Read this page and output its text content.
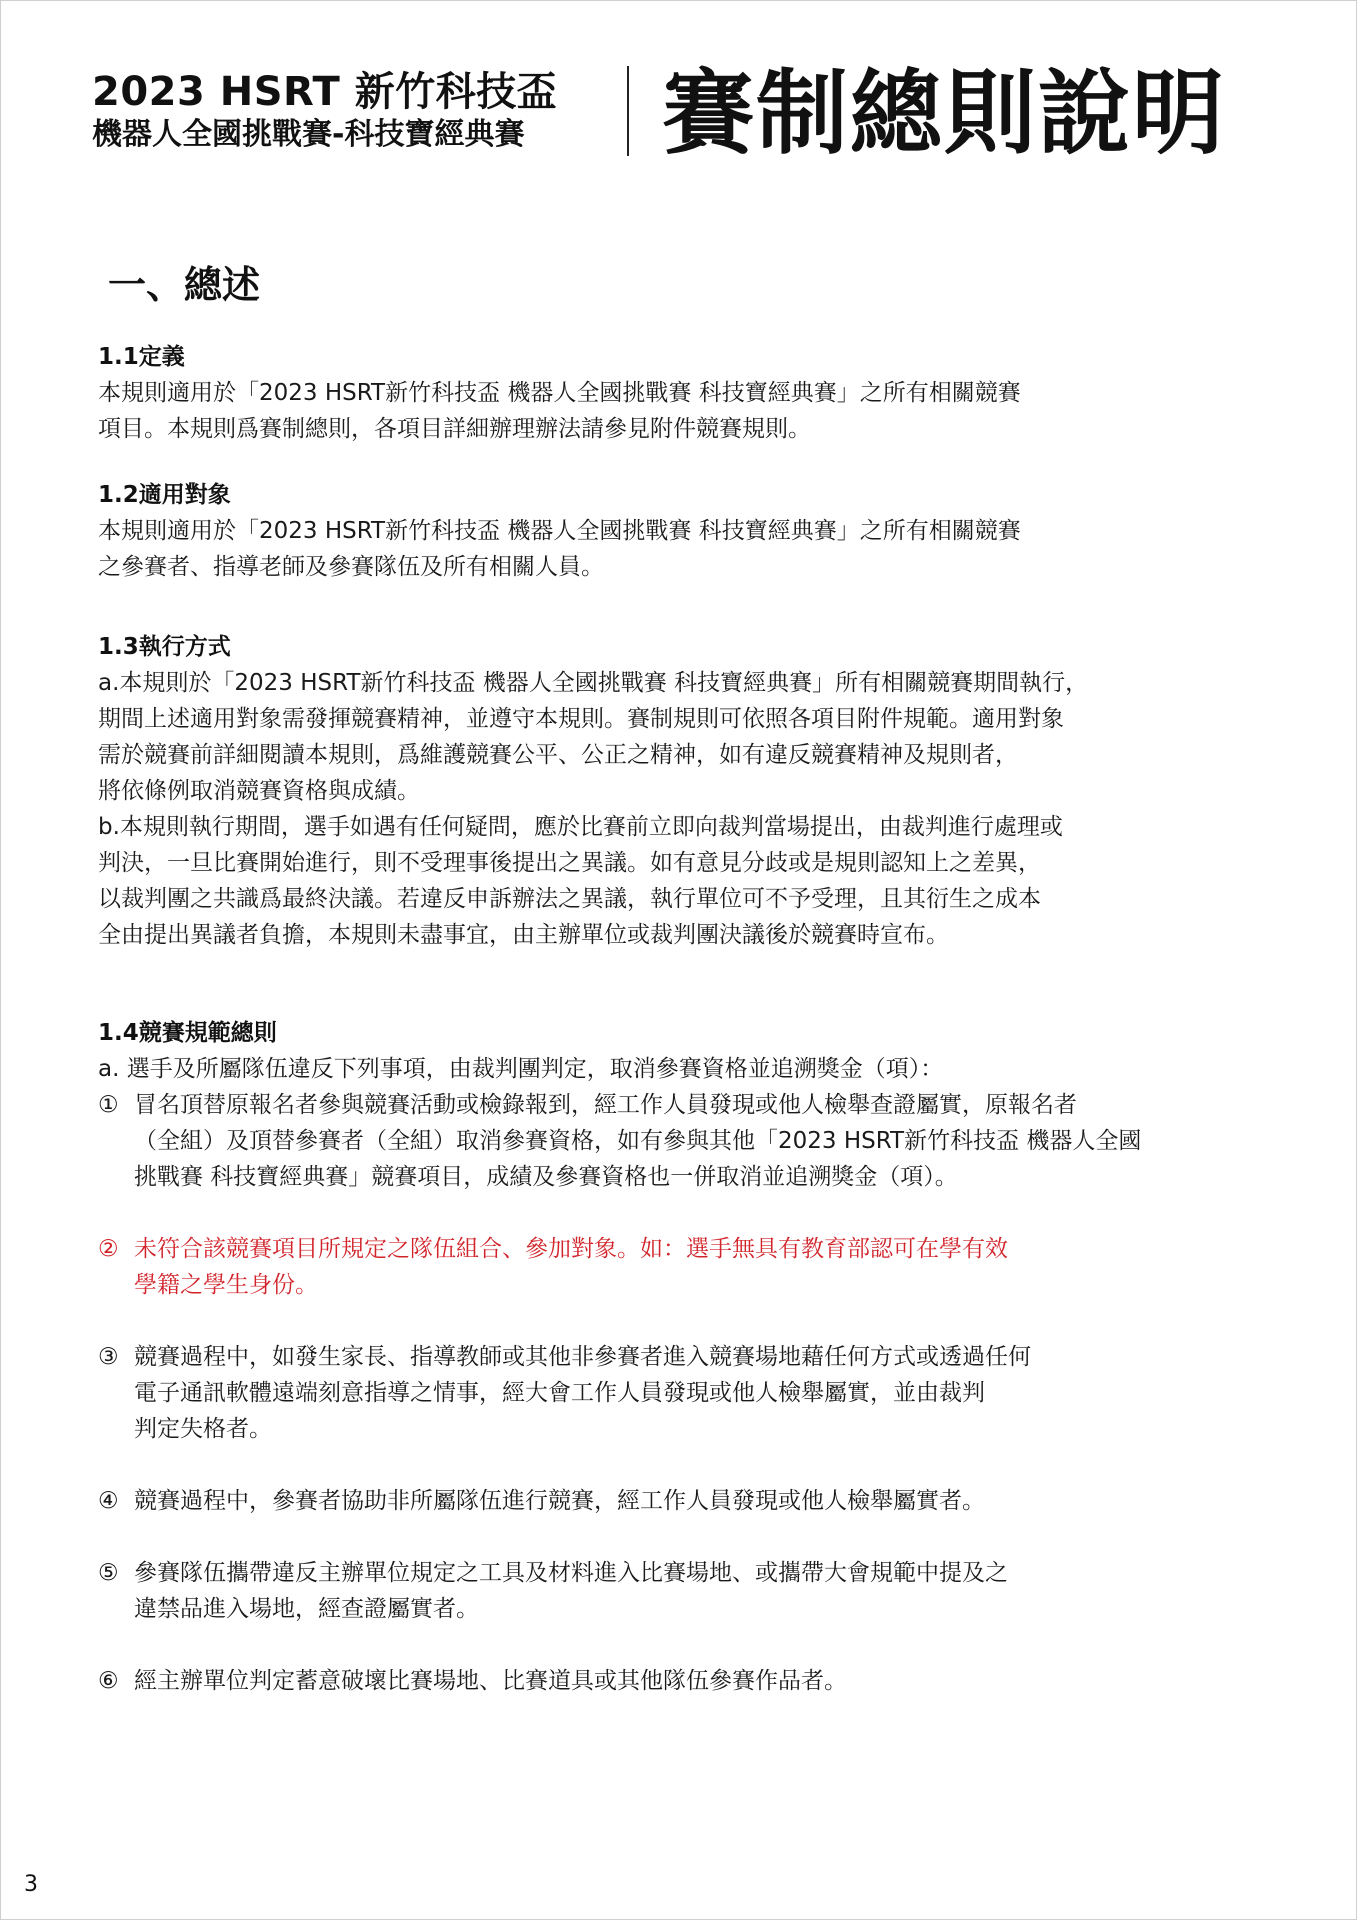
2023 HSRT 新竹科技盃
機器人全國挑戰賽-科技寶經典賽	賽制總則說明
一、總述

1.1定義

本規則適用於「2023 HSRT新竹科技盃 機器人全國挑戰賽 科技寶經典賽」之所有相關競賽

項目。本規則爲賽制總則，各項目詳細辦理辦法請參見附件競賽規則。

1.2適用對象

本規則適用於「2023 HSRT新竹科技盃 機器人全國挑戰賽 科技寶經典賽」之所有相關競賽

之參賽者、指導老師及參賽隊伍及所有相關人員。

1.3執行方式

a.本規則於「2023 HSRT新竹科技盃 機器人全國挑戰賽 科技寶經典賽」所有相關競賽期間執行，

期間上述適用對象需發揮競賽精神，並遵守本規則。賽制規則可依照各項目附件規範。適用對象

需於競賽前詳細閱讀本規則，爲維護競賽公平、公正之精神，如有違反競賽精神及規則者，

將依條例取消競賽資格與成績。

b.本規則執行期間，選手如遇有任何疑問，應於比賽前立即向裁判當場提出，由裁判進行處理或

判決，一旦比賽開始進行，則不受理事後提出之異議。如有意見分歧或是規則認知上之差異，

以裁判團之共識爲最終決議。若違反申訴辦法之異議，執行單位可不予受理，且其衍生之成本

全由提出異議者負擔，本規則未盡事宜，由主辦單位或裁判團決議後於競賽時宣布。

1.4競賽規範總則

a. 選手及所屬隊伍違反下列事項，由裁判團判定，取消參賽資格並追溯獎金（項）：

① 冒名頂替原報名者參與競賽活動或檢錄報到，經工作人員發現或他人檢舉查證屬實，原報名者
（全組）及頂替參賽者（全組）取消參賽資格，如有參與其他「2023 HSRT新竹科技盃 機器人全國
挑戰賽 科技寶經典賽」競賽項目，成績及參賽資格也一併取消並追溯獎金（項）。
② 未符合該競賽項目所規定之隊伍組合、參加對象。如：選手無具有教育部認可在學有效
學籍之學生身份。
③ 競賽過程中，如發生家長、指導教師或其他非參賽者進入競賽場地藉任何方式或透過任何
電子通訊軟體遠端刻意指導之情事，經大會工作人員發現或他人檢舉屬實，並由裁判
判定失格者。
④ 競賽過程中，參賽者協助非所屬隊伍進行競賽，經工作人員發現或他人檢舉屬實者。
⑤ 參賽隊伍攜帶違反主辦單位規定之工具及材料進入比賽場地、或攜帶大會規範中提及之
違禁品進入場地，經查證屬實者。
⑥ 經主辦單位判定蓄意破壞比賽場地、比賽道具或其他隊伍參賽作品者。
3
